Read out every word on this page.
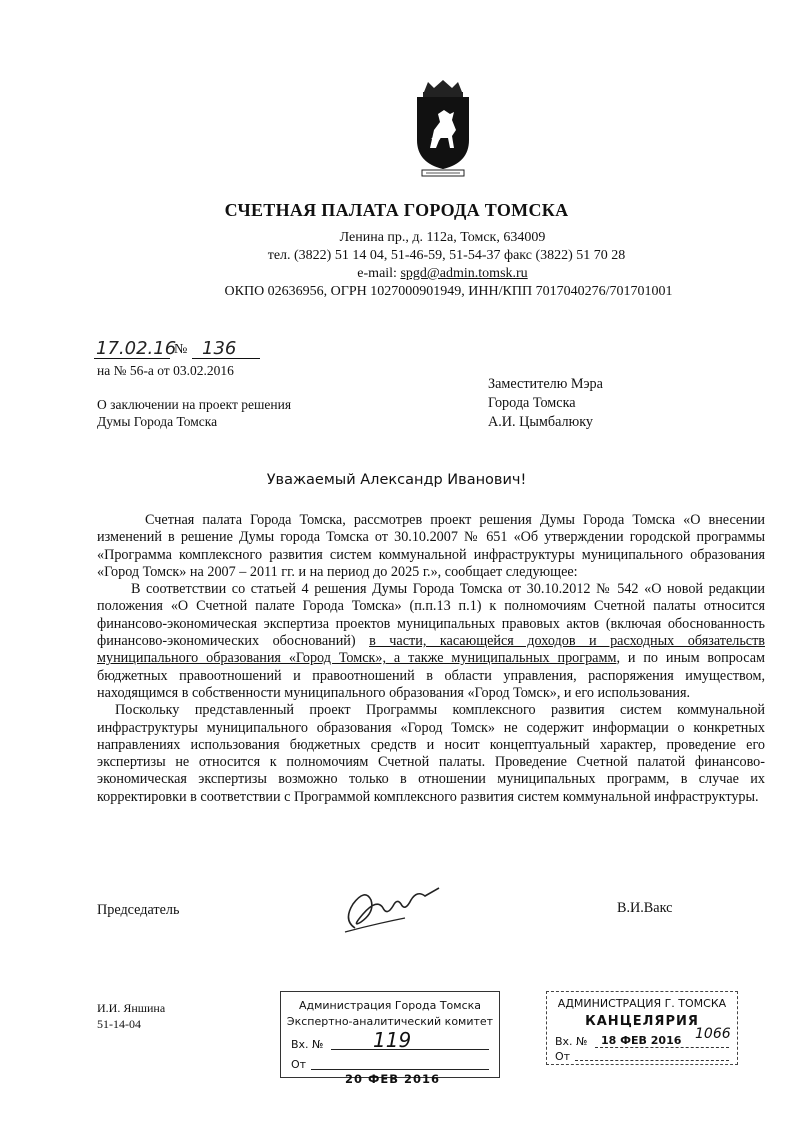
СЧЕТНАЯ ПАЛАТА ГОРОДА ТОМСКА
Ленина пр., д. 112а, Томск, 634009
тел. (3822) 51 14 04, 51-46-59, 51-54-37 факс (3822) 51 70 28
e-mail: spgd@admin.tomsk.ru
ОКПО 02636956, ОГРН 1027000901949, ИНН/КПП 7017040276/701701001
17.02.16
№ 136
на № 56-а от 03.02.2016
О заключении на проект решения
Думы Города Томска
Заместителю Мэра
Города Томска
А.И. Цымбалюку
Уважаемый Александр Иванович!

Счетная палата Города Томска, рассмотрев проект решения Думы Города Томска «О внесении изменений в решение Думы города Томска от 30.10.2007 № 651 «Об утверждении городской программы «Программа комплексного развития систем коммунальной инфраструктуры муниципального образования «Город Томск» на 2007 – 2011 гг. и на период до 2025 г.», сообщает следующее:

В соответствии со статьей 4 решения Думы Города Томска от 30.10.2012 № 542 «О новой редакции положения «О Счетной палате Города Томска» (п.п.13 п.1) к полномочиям Счетной палаты относится финансово-экономическая экспертиза проектов муниципальных правовых актов (включая обоснованность финансово-экономических обоснований) в части, касающейся доходов и расходных обязательств муниципального образования «Город Томск», а также муниципальных программ, и по иным вопросам бюджетных правоотношений и правоотношений в области управления, распоряжения имуществом, находящимся в собственности муниципального образования «Город Томск», и его использования.

Поскольку представленный проект Программы комплексного развития систем коммунальной инфраструктуры муниципального образования «Город Томск» не содержит информации о конкретных направлениях использования бюджетных средств и носит концептуальный характер, проведение его экспертизы не относится к полномочиям Счетной палаты. Проведение Счетной палатой финансово-экономическая экспертизы возможно только в отношении муниципальных программ, в случае их корректировки в соответствии с Программой комплексного развития систем коммунальной инфраструктуры.

Председатель	В.И.Вакс
И.И. Яншина
51-14-04
Администрация Города Томска
Экспертно-аналитический комитет
Вх. № 119
От
20 ФЕВ 2016
АДМИНИСТРАЦИЯ Г. ТОМСКА
КАНЦЕЛЯРИЯ
Вх. № 18 ФЕВ 2016 1066
От
